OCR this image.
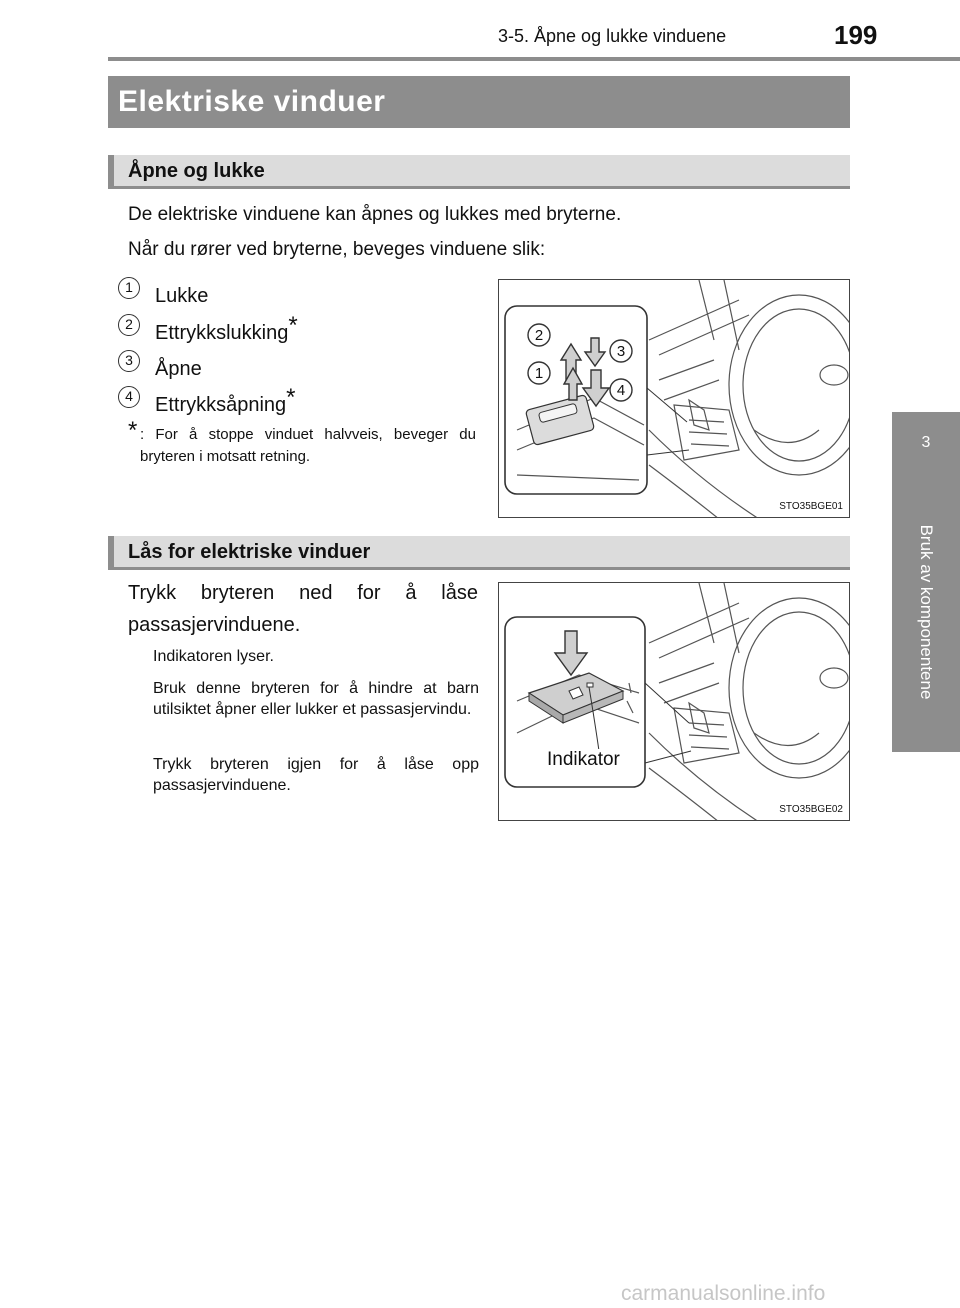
3-5. Åpne og lukke vinduene	199
3
Bruk av komponentene
Elektriske vinduer
Åpne og lukke
De elektriske vinduene kan åpnes og lukkes med bryterne.
Når du rører ved bryterne, beveges vinduene slik:
1	Lukke
2	Ettrykkslukking*
3	Åpne
4	Ettrykksåpning*
* : For å stoppe vinduet halvveis, beveger du bryteren i motsatt retning.
2
3
1
4
STO35BGE01
Lås for elektriske vinduer
Trykk bryteren ned for å låse passasjervinduene.
Indikatoren lyser.
Bruk denne bryteren for å hindre at barn utilsiktet åpner eller lukker et passasjervindu.
Trykk bryteren igjen for å låse opp passasjervinduene.
Indikator
STO35BGE02
carmanualsonline.info
